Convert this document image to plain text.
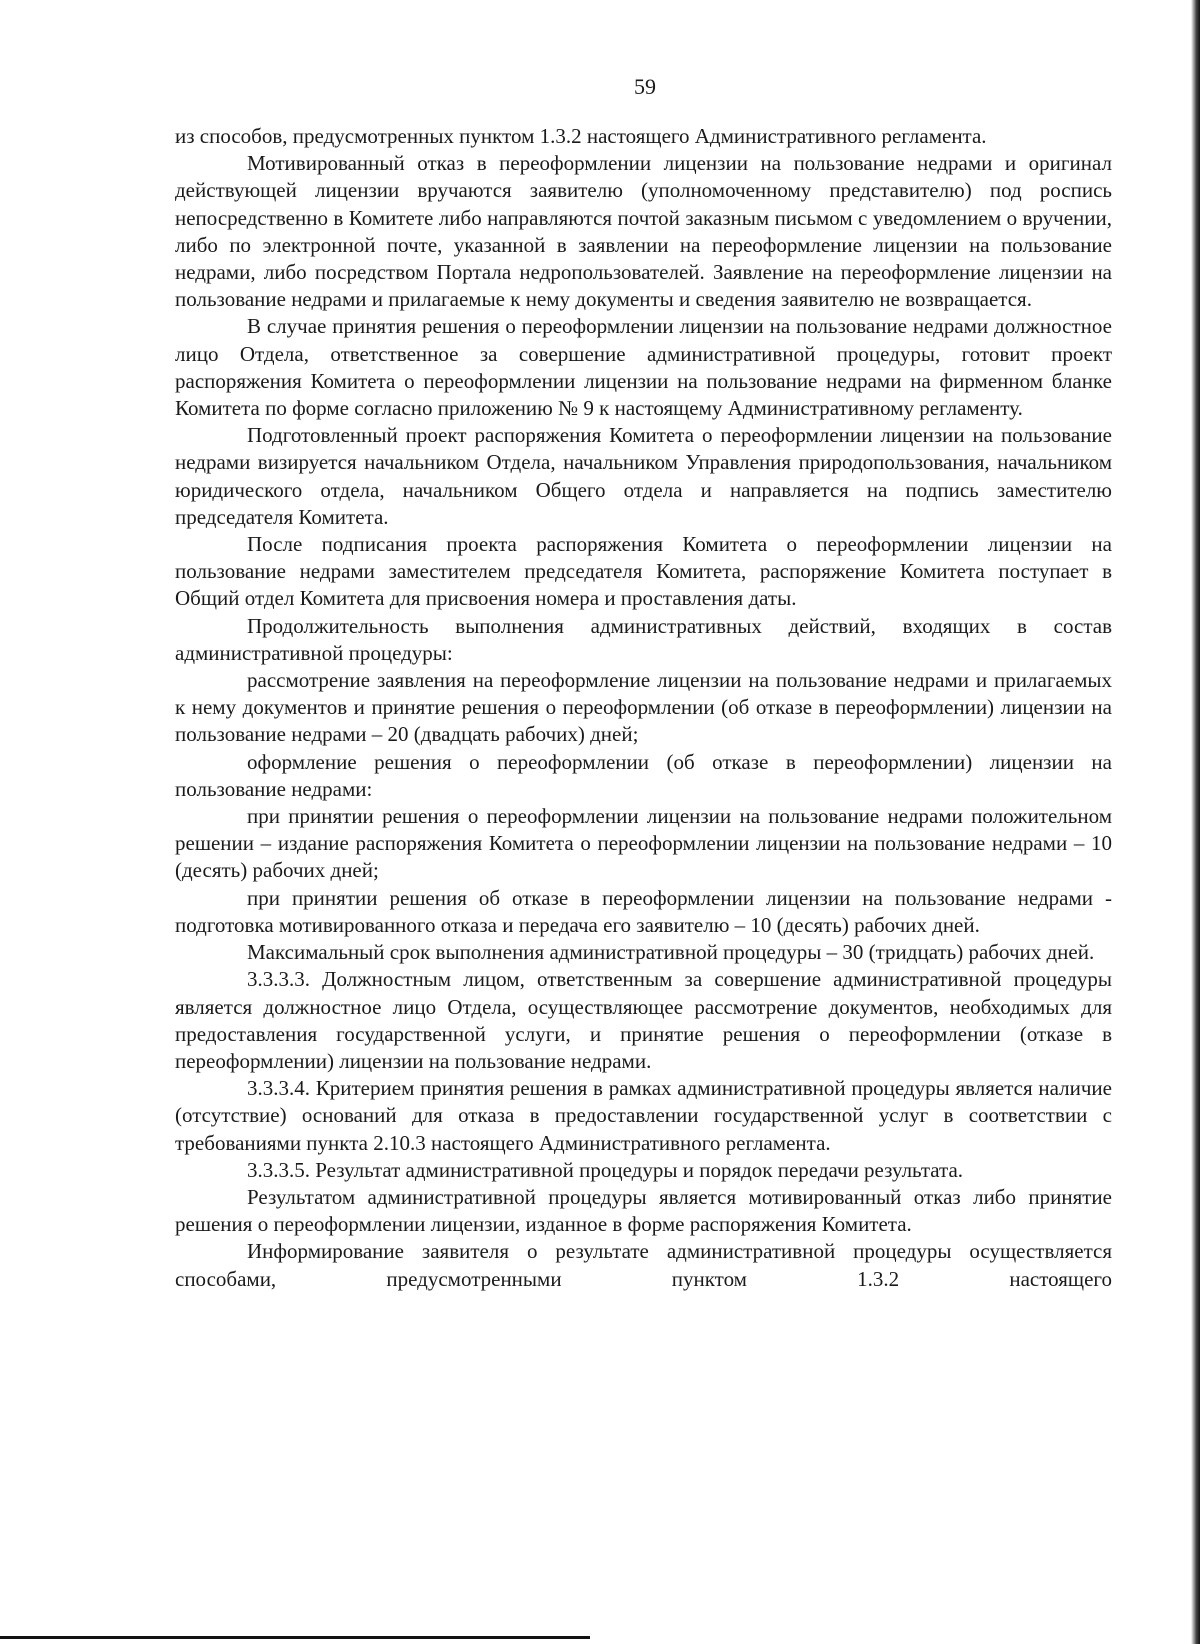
59

из способов, предусмотренных пунктом 1.3.2 настоящего Административного регламента.

Мотивированный отказ в переоформлении лицензии на пользование недрами и оригинал действующей лицензии вручаются заявителю (уполномоченному представителю) под роспись непосредственно в Комитете либо направляются почтой заказным письмом с уведомлением о вручении, либо по электронной почте, указанной в заявлении на переоформление лицензии на пользование недрами, либо посредством Портала недропользователей. Заявление на переоформление лицензии на пользование недрами и прилагаемые к нему документы и сведения заявителю не возвращается.

В случае принятия решения о переоформлении лицензии на пользование недрами должностное лицо Отдела, ответственное за совершение административной процедуры, готовит проект распоряжения Комитета о переоформлении лицензии на пользование недрами на фирменном бланке Комитета по форме согласно приложению № 9 к настоящему Административному регламенту.

Подготовленный проект распоряжения Комитета о переоформлении лицензии на пользование недрами визируется начальником Отдела, начальником Управления природопользования, начальником юридического отдела, начальником Общего отдела и направляется на подпись заместителю председателя Комитета.

После подписания проекта распоряжения Комитета о переоформлении лицензии на пользование недрами заместителем председателя Комитета, распоряжение Комитета поступает в Общий отдел Комитета для присвоения номера и проставления даты.

Продолжительность выполнения административных действий, входящих в состав административной процедуры:

рассмотрение заявления на переоформление лицензии на пользование недрами и прилагаемых к нему документов и принятие решения о переоформлении (об отказе в переоформлении) лицензии на пользование недрами – 20 (двадцать рабочих) дней;

оформление решения о переоформлении (об отказе в переоформлении) лицензии на пользование недрами:

при принятии решения о переоформлении лицензии на пользование недрами положительном решении – издание распоряжения Комитета о переоформлении лицензии на пользование недрами – 10 (десять) рабочих дней;

при принятии решения об отказе в переоформлении лицензии на пользование недрами - подготовка мотивированного отказа и передача его заявителю – 10 (десять) рабочих дней.

Максимальный срок выполнения административной процедуры – 30 (тридцать) рабочих дней.

3.3.3.3. Должностным лицом, ответственным за совершение административной процедуры является должностное лицо Отдела, осуществляющее рассмотрение документов, необходимых для предоставления государственной услуги, и принятие решения о переоформлении (отказе в переоформлении) лицензии на пользование недрами.

3.3.3.4. Критерием принятия решения в рамках административной процедуры является наличие (отсутствие) оснований для отказа в предоставлении государственной услуг в соответствии с требованиями пункта 2.10.3 настоящего Административного регламента.

3.3.3.5. Результат административной процедуры и порядок передачи результата.

Результатом административной процедуры является мотивированный отказ либо принятие решения о переоформлении лицензии, изданное в форме распоряжения Комитета.

Информирование заявителя о результате административной процедуры осуществляется способами, предусмотренными пунктом 1.3.2 настоящего
